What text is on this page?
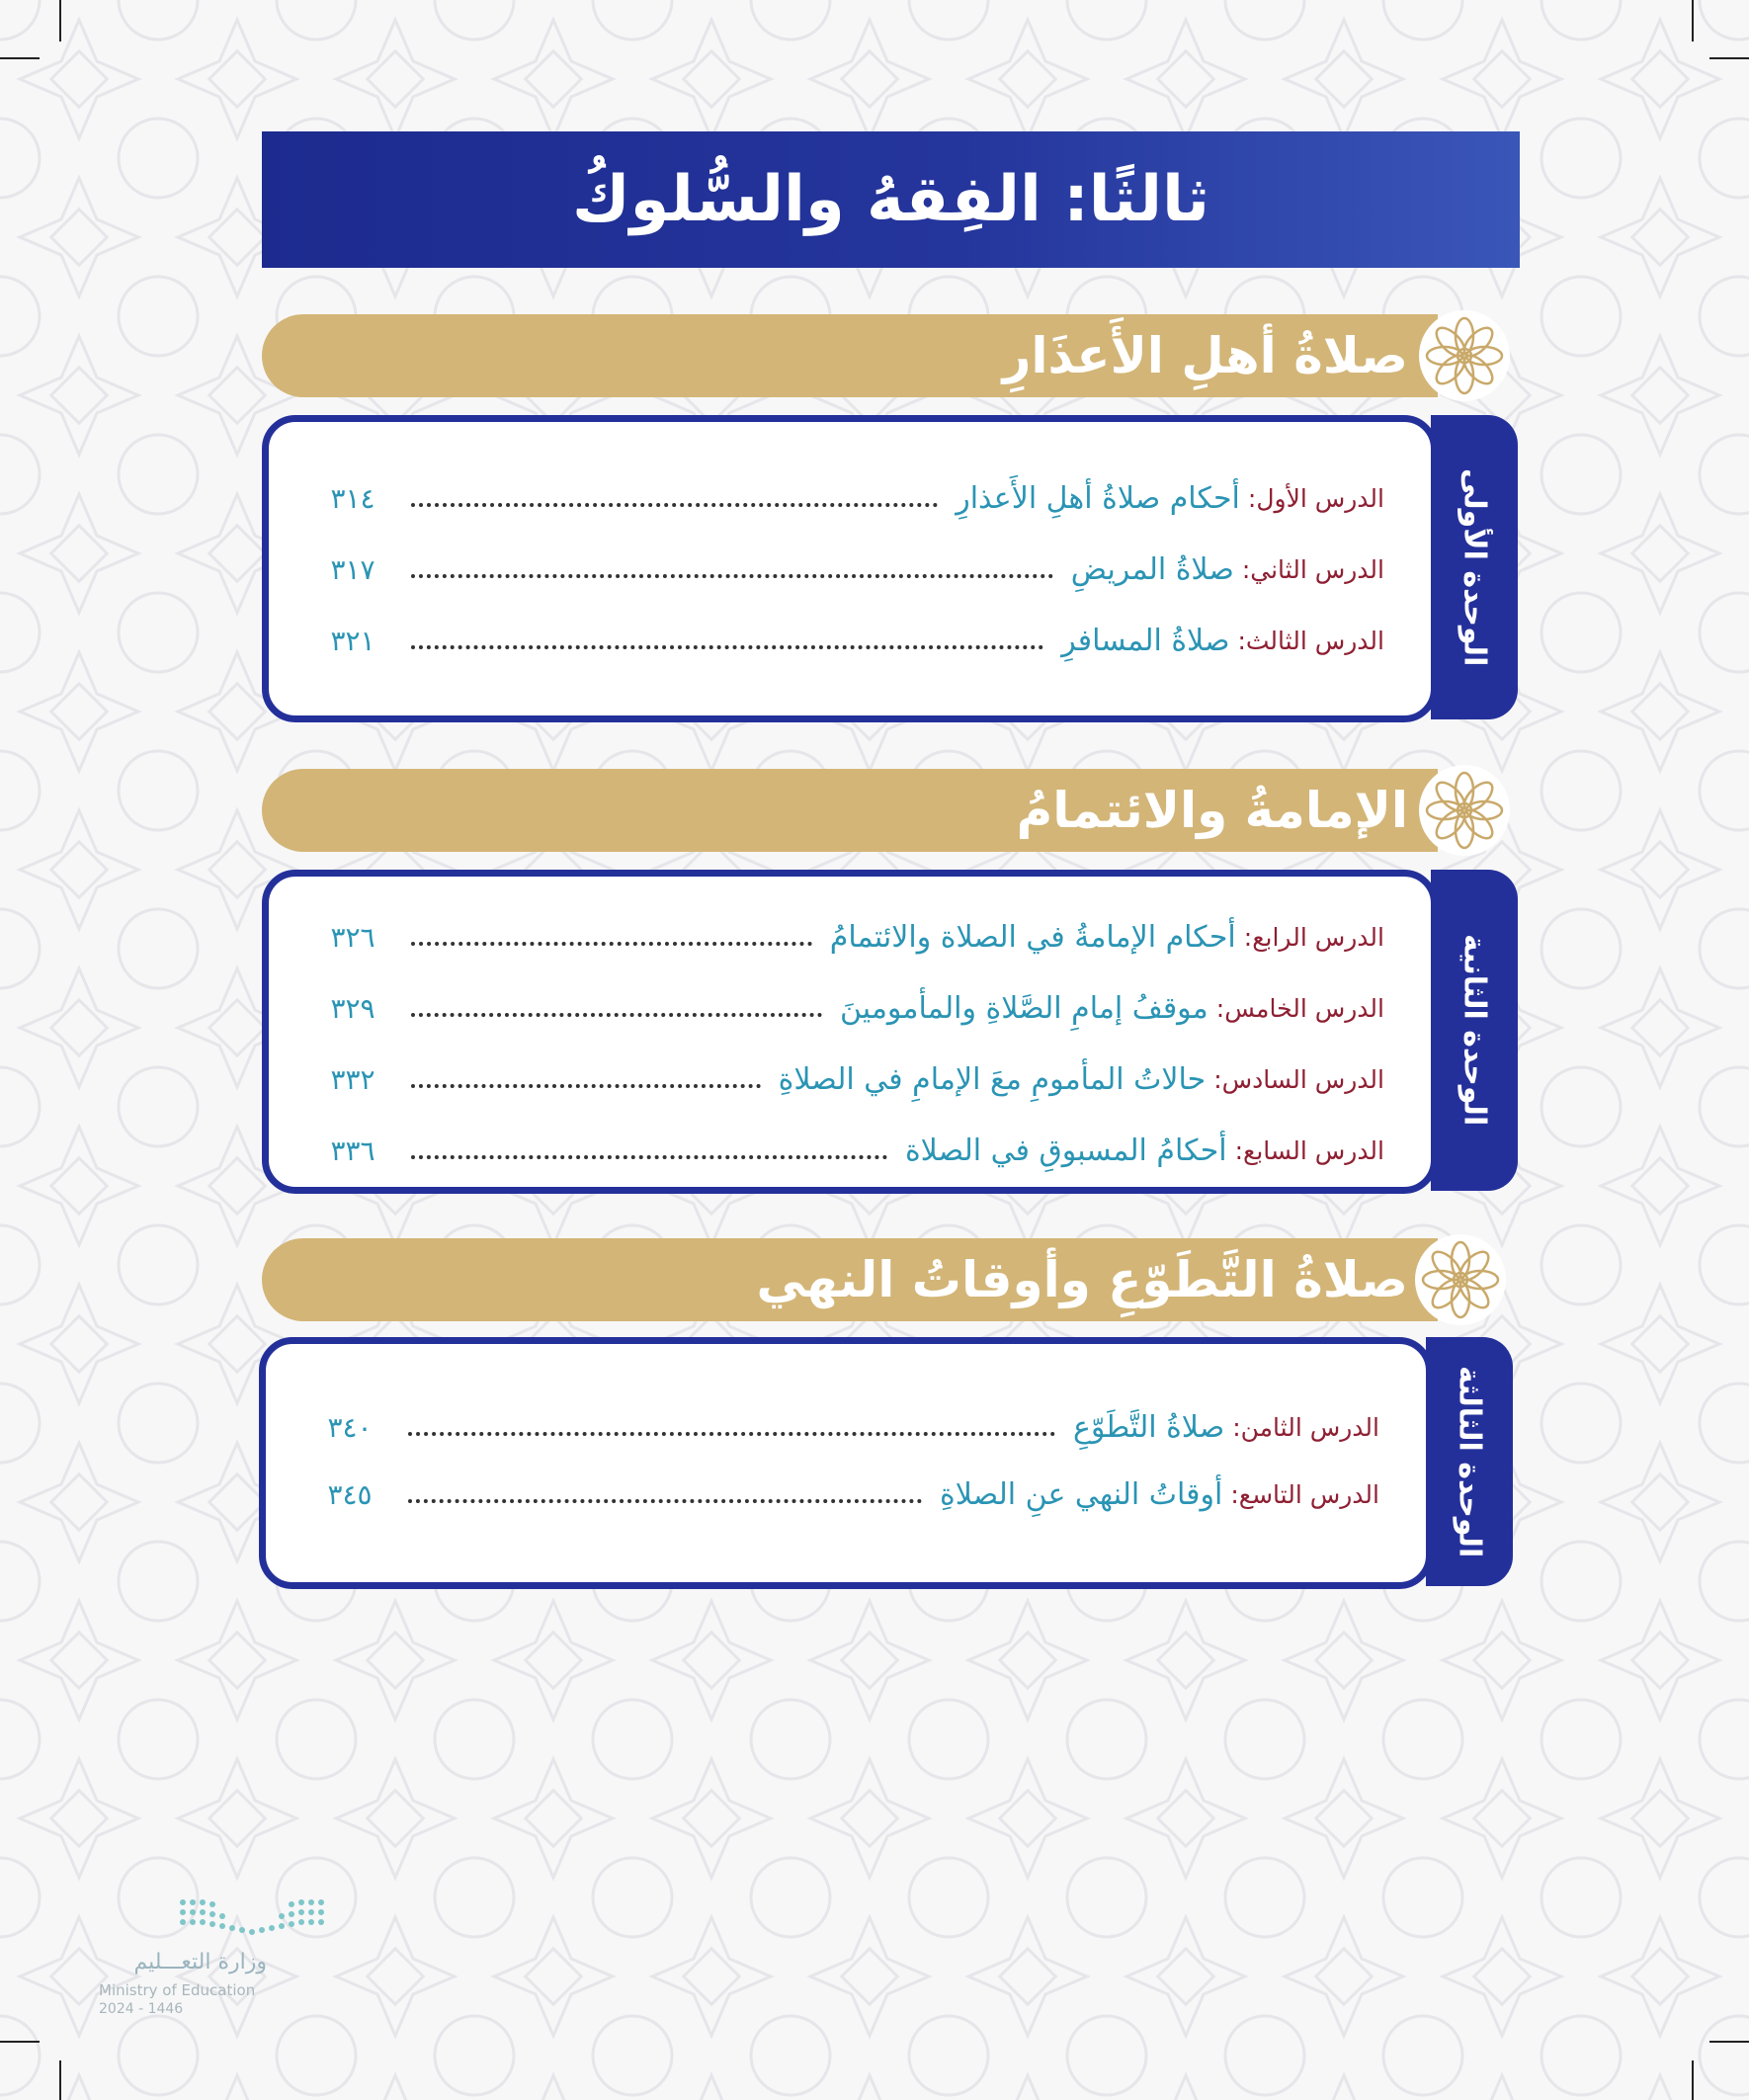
ثالثًا: الفِقهُ والسُّلوكُ
صلاةُ أهلِ الأَعذَارِ
الوحدة الأولى
الدرس الأول
:
أحكام صلاةُ أهلِ الأَعذارِ
٣١٤
الدرس الثاني
:
صلاةُ المريضِ
٣١٧
الدرس الثالث
:
صلاةُ المسافرِ
٣٢١
الإمامةُ والائتمامُ
الوحدة الثانية
الدرس الرابع
:
أحكام الإمامةُ في الصلاة والائتمامُ
٣٢٦
الدرس الخامس
:
موقفُ إمامِ الصَّلاةِ والمأمومينَ
٣٢٩
الدرس السادس
:
حالاتُ المأمومِ معَ الإمامِ في الصلاةِ
٣٣٢
الدرس السابع
:
أحكامُ المسبوقِ في الصلاة
٣٣٦
صلاةُ التَّطَوّعِ وأوقاتُ النهي
الوحدة الثالثة
الدرس الثامن
:
صلاةُ التَّطَوّعِ
٣٤٠
الدرس التاسع
:
أوقاتُ النهي عنِ الصلاةِ
٣٤٥
وزارة التعـــليم
Ministry of Education
2024 - 1446
